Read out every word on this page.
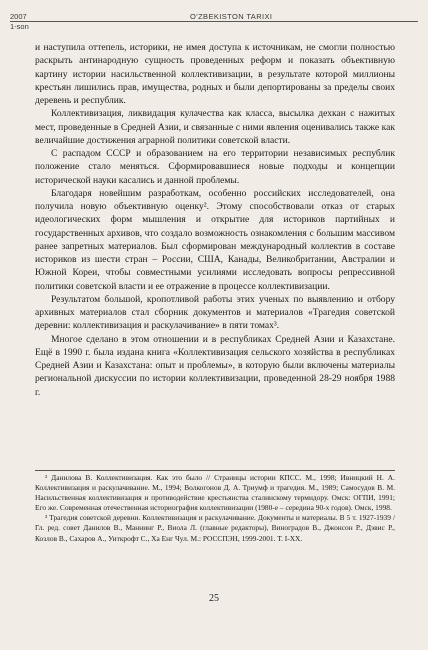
2007
1-son
O'ZBEKISTON TARIXI

и наступила оттепель, историки, не имея доступа к источникам, не смогли полностью раскрыть антинародную сущность проведенных реформ и показать объективную картину истории насильственной коллективизации, в результате которой миллионы крестьян лишились прав, имущества, родных и были депортированы за пределы своих деревень и республик.

Коллективизация, ликвидация кулачества как класса, высылка дехкан с нажитых мест, проведенные в Средней Азии, и связанные с ними явления оценивались также как величайшие достижения аграрной политики советской власти.

С распадом СССР и образованием на его территории независимых республик положение стало меняться. Сформировавшиеся новые подходы и концепции исторической науки касались и данной проблемы.

Благодаря новейшим разработкам, особенно российских исследователей, она получила новую объективную оценку². Этому способствовали отказ от старых идеологических форм мышления и открытие для историков партийных и государственных архивов, что создало возможность ознакомления с большим массивом ранее запретных материалов. Был сформирован международный коллектив в составе историков из шести стран – России, США, Канады, Великобритании, Австралии и Южной Кореи, чтобы совместными усилиями исследовать вопросы репрессивной политики советской власти и ее отражение в процессе коллективизации.

Результатом большой, кропотливой работы этих ученых по выявлению и отбору архивных материалов стал сборник документов и материалов «Трагедия советской деревни: коллективизация и раскулачивание» в пяти томах³.

Многое сделано в этом отношении и в республиках Средней Азии и Казахстане. Ещё в 1990 г. была издана книга «Коллективизация сельского хозяйства в республиках Средней Азии и Казахстана: опыт и проблемы», в которую были включены материалы региональной дискуссии по истории коллективизации, проведенной 28-29 ноября 1988 г.

² Данилова В. Коллективизация. Как это было // Страницы истории КПСС. М., 1998; Ивницкий Н. А. Коллективизация и раскулачивание. М., 1994; Волкогонов Д. А. Триумф и трагедия. М., 1989; Самосудов В. М. Насильственная коллективизация и противодействие крестьянства сталинскому термидору. Омск: ОГПИ, 1991; Его же. Современная отечественная историография коллективизации (1980-е – середина 90-х годов). Омск, 1998.

³ Трагедия советской деревни. Коллективизация и раскулачивание. Документы и материалы. В 5 т. 1927-1939 / Гл. ред. совет Данилов В., Маннинг Р., Виола Л. (главные редакторы), Виноградов В., Джонсон Р., Дэвис Р., Козлов В., Сахаров А., Уиткрофт С., Ха Енг Чул. М.: РОССПЭН, 1999-2001. Т. I-XX.

25
